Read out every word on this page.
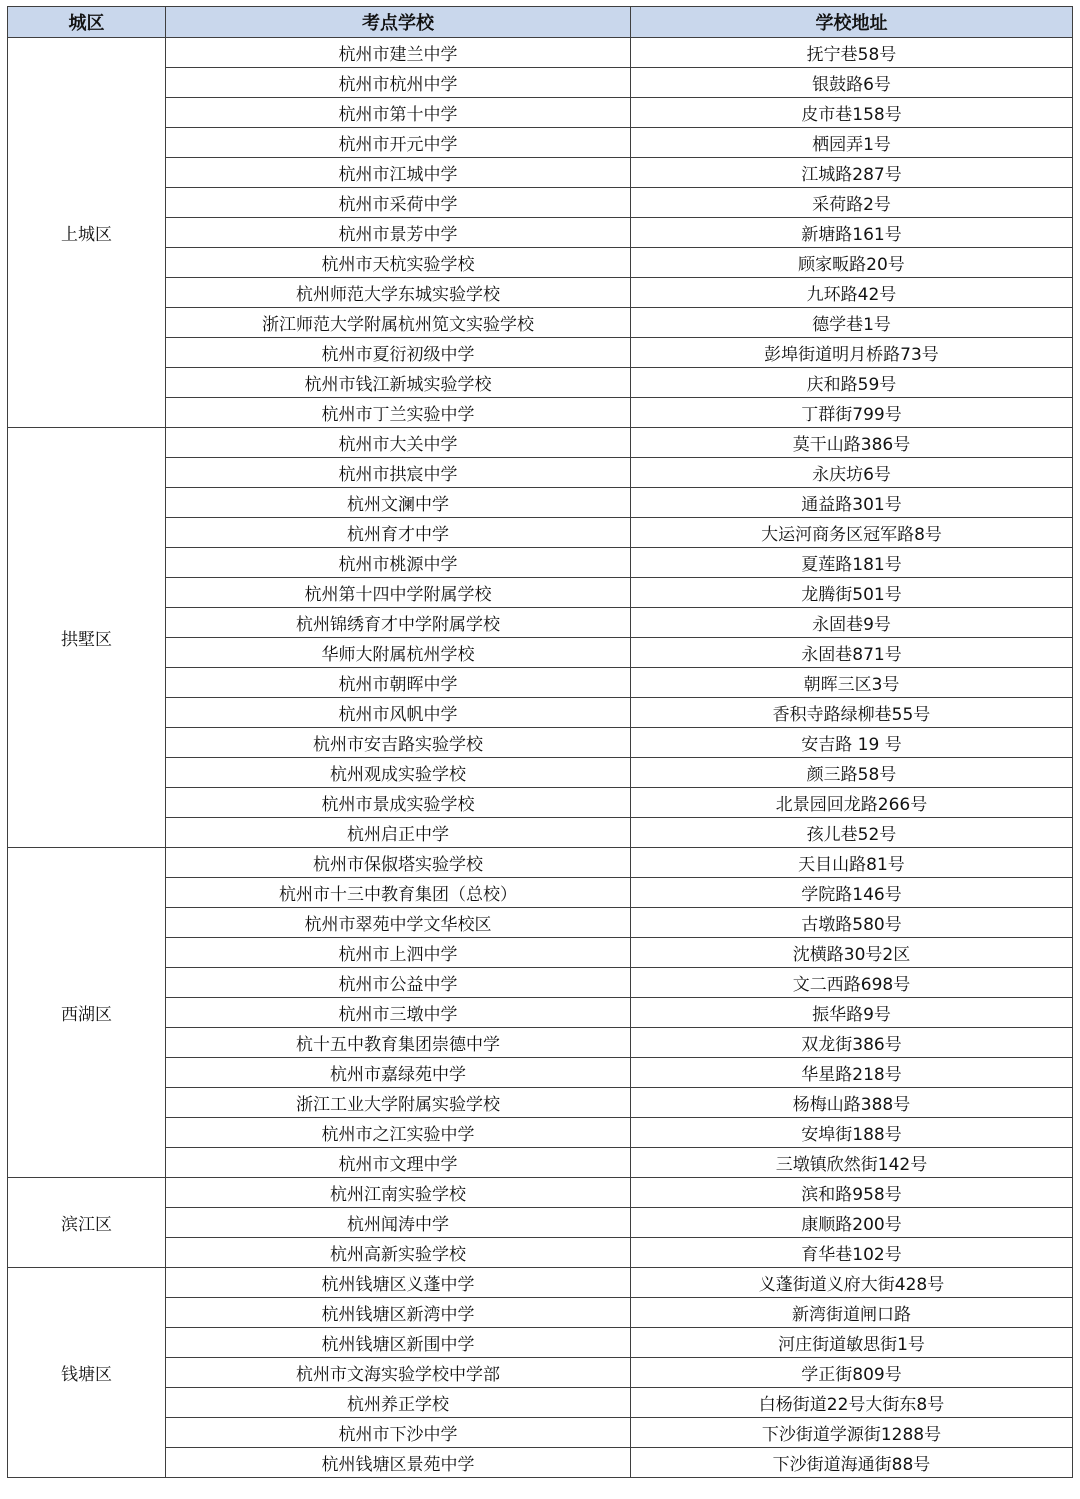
城区	考点学校	学校地址
上城区	杭州市建兰中学	抚宁巷58号
	杭州市杭州中学	银鼓路6号
	杭州市第十中学	皮市巷158号
	杭州市开元中学	栖园弄1号
	杭州市江城中学	江城路287号
	杭州市采荷中学	采荷路2号
	杭州市景芳中学	新塘路161号
	杭州市天杭实验学校	顾家畈路20号
	杭州师范大学东城实验学校	九环路42号
	浙江师范大学附属杭州笕文实验学校	德学巷1号
	杭州市夏衍初级中学	彭埠街道明月桥路73号
	杭州市钱江新城实验学校	庆和路59号
	杭州市丁兰实验中学	丁群街799号
拱墅区	杭州市大关中学	莫干山路386号
	杭州市拱宸中学	永庆坊6号
	杭州文澜中学	通益路301号
	杭州育才中学	大运河商务区冠军路8号
	杭州市桃源中学	夏莲路181号
	杭州第十四中学附属学校	龙腾街501号
	杭州锦绣育才中学附属学校	永固巷9号
	华师大附属杭州学校	永固巷871号
	杭州市朝晖中学	朝晖三区3号
	杭州市风帆中学	香积寺路绿柳巷55号
	杭州市安吉路实验学校	安吉路 19 号
	杭州观成实验学校	颜三路58号
	杭州市景成实验学校	北景园回龙路266号
	杭州启正中学	孩儿巷52号
西湖区	杭州市保俶塔实验学校	天目山路81号
	杭州市十三中教育集团（总校）	学院路146号
	杭州市翠苑中学文华校区	古墩路580号
	杭州市上泗中学	沈横路30号2区
	杭州市公益中学	文二西路698号
	杭州市三墩中学	振华路9号
	杭十五中教育集团崇德中学	双龙街386号
	杭州市嘉绿苑中学	华星路218号
	浙江工业大学附属实验学校	杨梅山路388号
	杭州市之江实验中学	安埠街188号
	杭州市文理中学	三墩镇欣然街142号
滨江区	杭州江南实验学校	滨和路958号
	杭州闻涛中学	康顺路200号
	杭州高新实验学校	育华巷102号
钱塘区	杭州钱塘区义蓬中学	义蓬街道义府大街428号
	杭州钱塘区新湾中学	新湾街道闸口路
	杭州钱塘区新围中学	河庄街道敏思街1号
	杭州市文海实验学校中学部	学正街809号
	杭州养正学校	白杨街道22号大街东8号
	杭州市下沙中学	下沙街道学源街1288号
	杭州钱塘区景苑中学	下沙街道海通街88号
